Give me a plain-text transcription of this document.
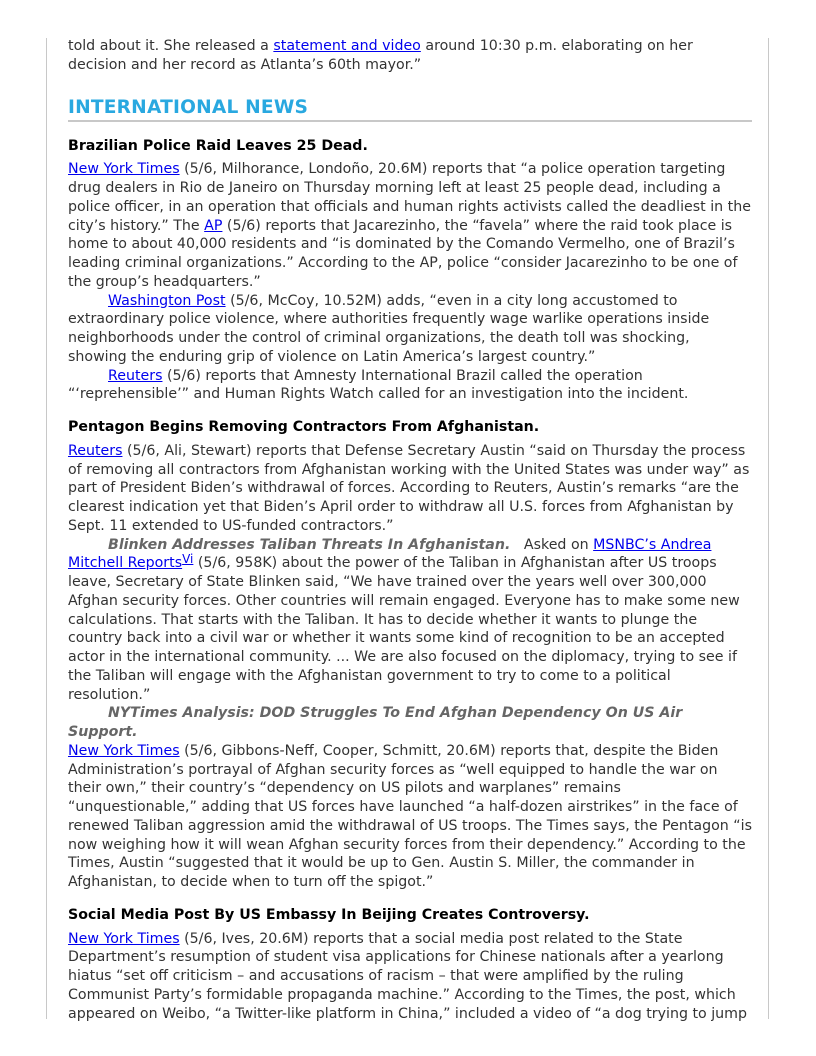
told about it. She released a statement and video around 10:30 p.m. elaborating on her decision and her record as Atlanta’s 60th mayor.”

INTERNATIONAL NEWS

Brazilian Police Raid Leaves 25 Dead.

New York Times (5/6, Milhorance, Londoño, 20.6M) reports that “a police operation targeting drug dealers in Rio de Janeiro on Thursday morning left at least 25 people dead, including a police officer, in an operation that officials and human rights activists called the deadliest in the city’s history.” The AP (5/6) reports that Jacarezinho, the “favela” where the raid took place is home to about 40,000 residents and “is dominated by the Comando Vermelho, one of Brazil’s leading criminal organizations.” According to the AP, police “consider Jacarezinho to be one of the group’s headquarters.”

Washington Post (5/6, McCoy, 10.52M) adds, “even in a city long accustomed to extraordinary police violence, where authorities frequently wage warlike operations inside neighborhoods under the control of criminal organizations, the death toll was shocking, showing the enduring grip of violence on Latin America’s largest country.”

Reuters (5/6) reports that Amnesty International Brazil called the operation “‘reprehensible’” and Human Rights Watch called for an investigation into the incident.

Pentagon Begins Removing Contractors From Afghanistan.

Reuters (5/6, Ali, Stewart) reports that Defense Secretary Austin “said on Thursday the process of removing all contractors from Afghanistan working with the United States was under way” as part of President Biden’s withdrawal of forces. According to Reuters, Austin’s remarks “are the clearest indication yet that Biden’s April order to withdraw all U.S. forces from Afghanistan by Sept. 11 extended to US-funded contractors.”

Blinken Addresses Taliban Threats In Afghanistan.   Asked on MSNBC’s Andrea Mitchell Reports$^{Vi}$ (5/6, 958K) about the power of the Taliban in Afghanistan after US troops leave, Secretary of State Blinken said, “We have trained over the years well over 300,000 Afghan security forces. Other countries will remain engaged. Everyone has to make some new calculations. That starts with the Taliban. It has to decide whether it wants to plunge the country back into a civil war or whether it wants some kind of recognition to be an accepted actor in the international community. ... We are also focused on the diplomacy, trying to see if the Taliban will engage with the Afghanistan government to try to come to a political resolution.”

NYTimes Analysis: DOD Struggles To End Afghan Dependency On US Air Support.

New York Times (5/6, Gibbons-Neff, Cooper, Schmitt, 20.6M) reports that, despite the Biden Administration’s portrayal of Afghan security forces as “well equipped to handle the war on their own,” their country’s “dependency on US pilots and warplanes” remains “unquestionable,” adding that US forces have launched “a half-dozen airstrikes” in the face of renewed Taliban aggression amid the withdrawal of US troops. The Times says, the Pentagon “is now weighing how it will wean Afghan security forces from their dependency.” According to the Times, Austin “suggested that it would be up to Gen. Austin S. Miller, the commander in Afghanistan, to decide when to turn off the spigot.”

Social Media Post By US Embassy In Beijing Creates Controversy.

New York Times (5/6, Ives, 20.6M) reports that a social media post related to the State Department’s resumption of student visa applications for Chinese nationals after a yearlong hiatus “set off criticism – and accusations of racism – that were amplified by the ruling Communist Party’s formidable propaganda machine.” According to the Times, the post, which appeared on Weibo, “a Twitter-like platform in China,” included a video of “a dog trying to jump
